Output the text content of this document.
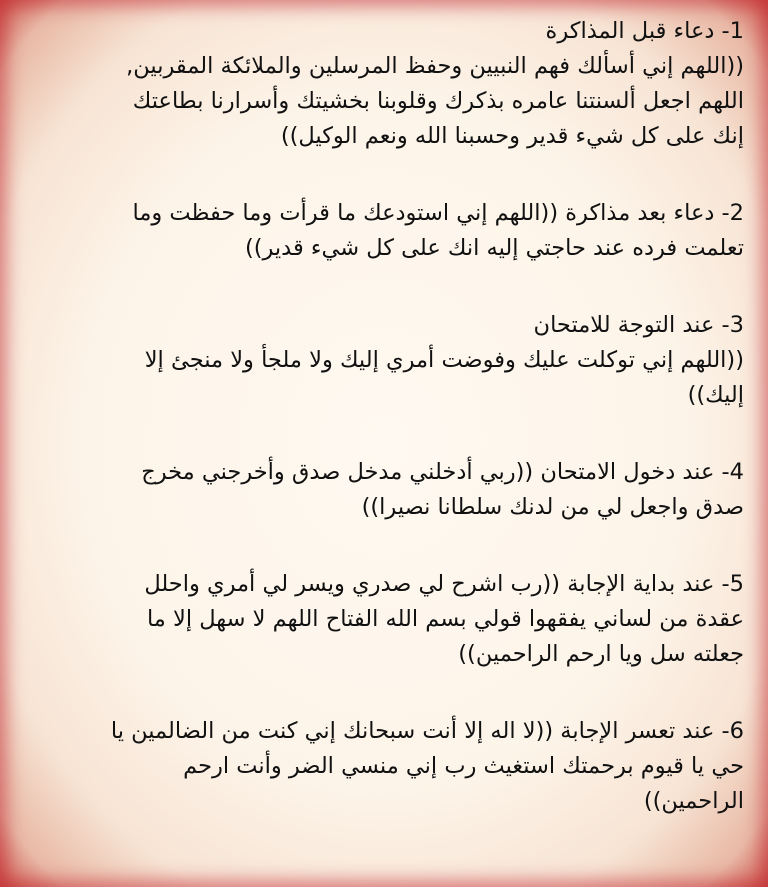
1- دعاء قبل المذاكرة

((اللهم إني أسألك فهم النبيين وحفظ المرسلين والملائكة المقربين,

اللهم اجعل ألسنتنا عامره بذكرك وقلوبنا بخشيتك وأسرارنا بطاعتك

إنك على كل شيء قدير وحسبنا الله ونعم الوكيل))

2- دعاء بعد مذاكرة ((اللهم إني استودعك ما قرأت وما حفظت وما

تعلمت فرده عند حاجتي إليه انك على كل شيء قدير))

3- عند التوجة للامتحان

((اللهم إني توكلت عليك وفوضت أمري إليك ولا ملجأ ولا منجئ إلا

إليك))

4- عند دخول الامتحان ((ربي أدخلني مدخل صدق وأخرجني مخرج

صدق واجعل لي من لدنك سلطانا نصيرا))

5- عند بداية الإجابة ((رب اشرح لي صدري ويسر لي أمري واحلل

عقدة من لساني يفقهوا قولي بسم الله الفتاح اللهم لا سهل إلا ما

جعلته سل ويا ارحم الراحمين))

6- عند تعسر الإجابة ((لا اله إلا أنت سبحانك إني كنت من الضالمين يا

حي يا قيوم برحمتك استغيث رب إني منسي الضر وأنت ارحم

الراحمين))
